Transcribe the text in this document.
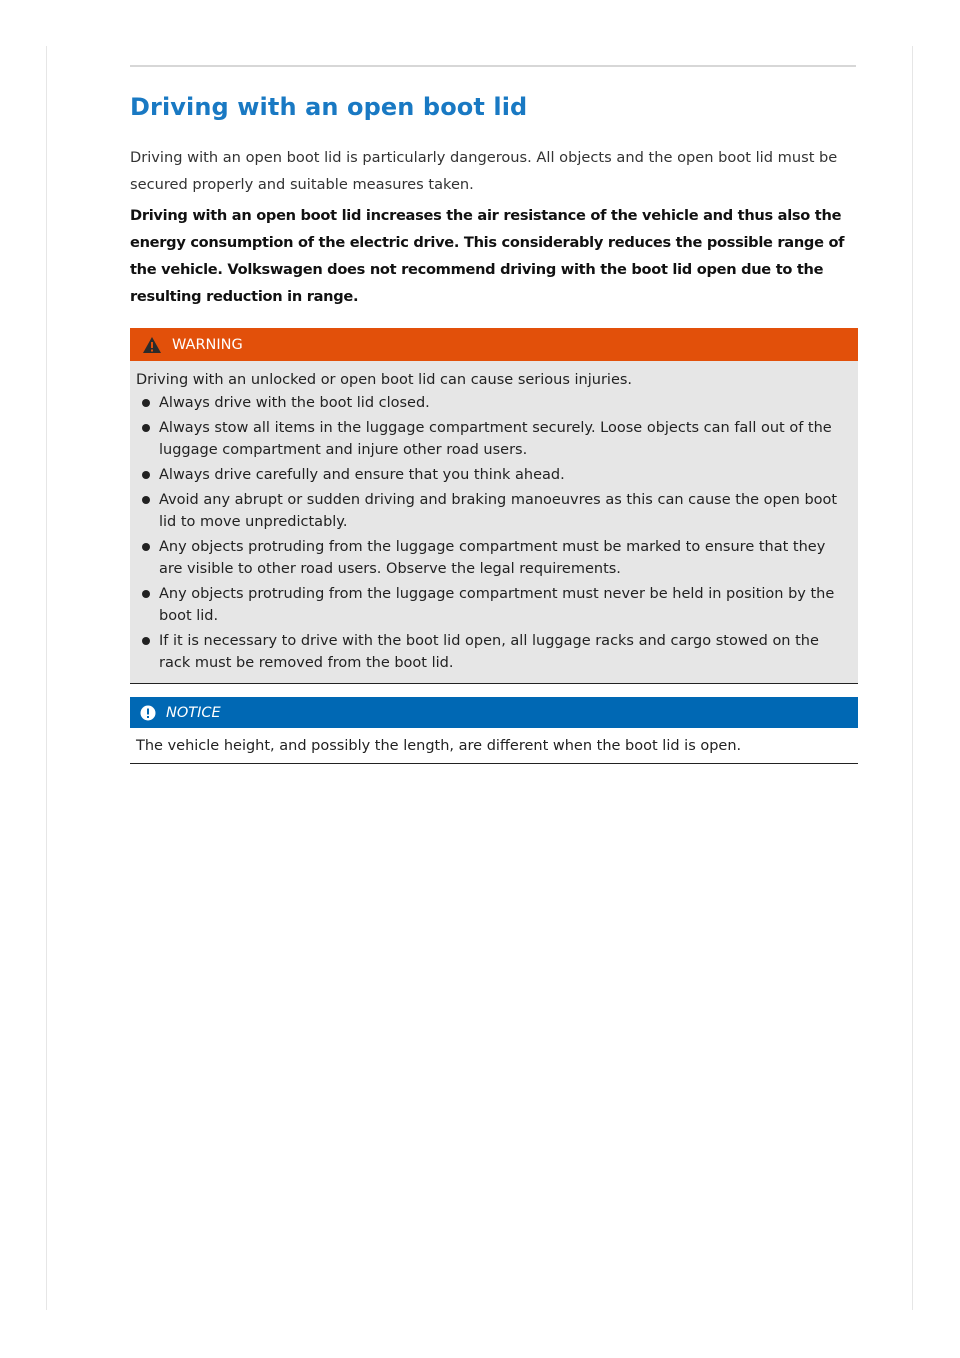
Driving with an open boot lid

Driving with an open boot lid is particularly dangerous. All objects and the open boot lid must be secured properly and suitable measures taken.

Driving with an open boot lid increases the air resistance of the vehicle and thus also the energy consumption of the electric drive. This considerably reduces the possible range of the vehicle. Volkswagen does not recommend driving with the boot lid open due to the resulting reduction in range.

WARNING
Driving with an unlocked or open boot lid can cause serious injuries.
Always drive with the boot lid closed.
Always stow all items in the luggage compartment securely. Loose objects can fall out of the luggage compartment and injure other road users.
Always drive carefully and ensure that you think ahead.
Avoid any abrupt or sudden driving and braking manoeuvres as this can cause the open boot lid to move unpredictably.
Any objects protruding from the luggage compartment must be marked to ensure that they are visible to other road users. Observe the legal requirements.
Any objects protruding from the luggage compartment must never be held in position by the boot lid.
If it is necessary to drive with the boot lid open, all luggage racks and cargo stowed on the rack must be removed from the boot lid.
NOTICE
The vehicle height, and possibly the length, are different when the boot lid is open.
